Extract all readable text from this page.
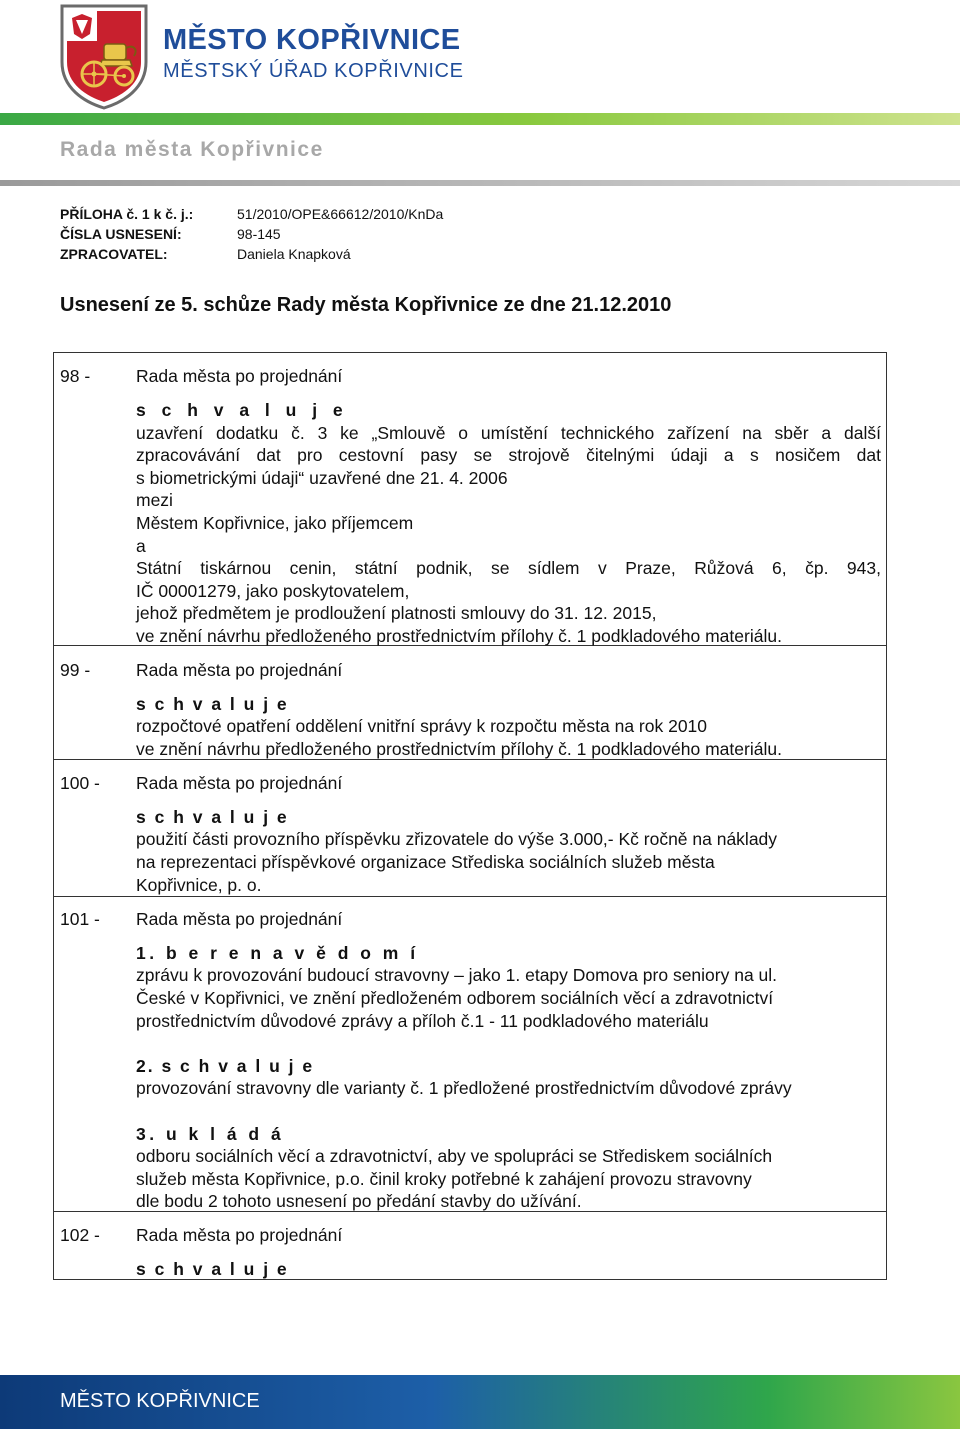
MĚSTO KOPŘIVNICE
MĚSTSKÝ ÚŘAD KOPŘIVNICE
Rada města Kopřivnice
PŘÍLOHA č. 1 k č. j.:	51/2010/OPE&66612/2010/KnDa
ČÍSLA USNESENÍ:	98-145
ZPRACOVATEL:	Daniela Knapková
Usnesení ze 5. schůze Rady města Kopřivnice ze dne 21.12.2010
98 -	Rada města po projednání
s c h v a l u j e
uzavření dodatku č. 3 ke „Smlouvě o umístění technického zařízení na sběr a další
zpracovávání dat pro cestovní pasy se strojově čitelnými údaji a s nosičem dat
s biometrickými údaji“ uzavřené dne 21. 4. 2006
mezi
Městem Kopřivnice, jako příjemcem
a
Státní tiskárnou cenin, státní podnik, se sídlem v Praze, Růžová 6, čp. 943,
IČ 00001279, jako poskytovatelem,
jehož předmětem je prodloužení platnosti smlouvy do 31. 12. 2015,
ve znění návrhu předloženého prostřednictvím přílohy č. 1 podkladového materiálu.
99 -	Rada města po projednání
s c h v a l u j e
rozpočtové opatření oddělení vnitřní správy k rozpočtu města na rok 2010
ve znění návrhu předloženého prostřednictvím přílohy č. 1 podkladového materiálu.
100 - Rada města po projednání
s c h v a l u j e
použití části provozního příspěvku zřizovatele do výše 3.000,- Kč ročně na náklady
na reprezentaci příspěvkové organizace Střediska sociálních služeb města
Kopřivnice, p. o.
101 - Rada města po projednání
1. b e r e n a v ě d o m í
zprávu k provozování budoucí stravovny – jako 1. etapy Domova pro seniory na ul.
České v Kopřivnici, ve znění předloženém odborem sociálních věcí a zdravotnictví
prostřednictvím důvodové zprávy a příloh č.1 - 11 podkladového materiálu
2. s c h v a l u j e
provozování stravovny dle varianty č. 1 předložené prostřednictvím důvodové zprávy
3. u k l á d á
odboru sociálních věcí a zdravotnictví, aby ve spolupráci se Střediskem sociálních
služeb města Kopřivnice, p.o. činil kroky potřebné k zahájení provozu stravovny
dle bodu 2 tohoto usnesení po předání stavby do užívání.
102 - Rada města po projednání
s c h v a l u j e
MĚSTO KOPŘIVNICE
